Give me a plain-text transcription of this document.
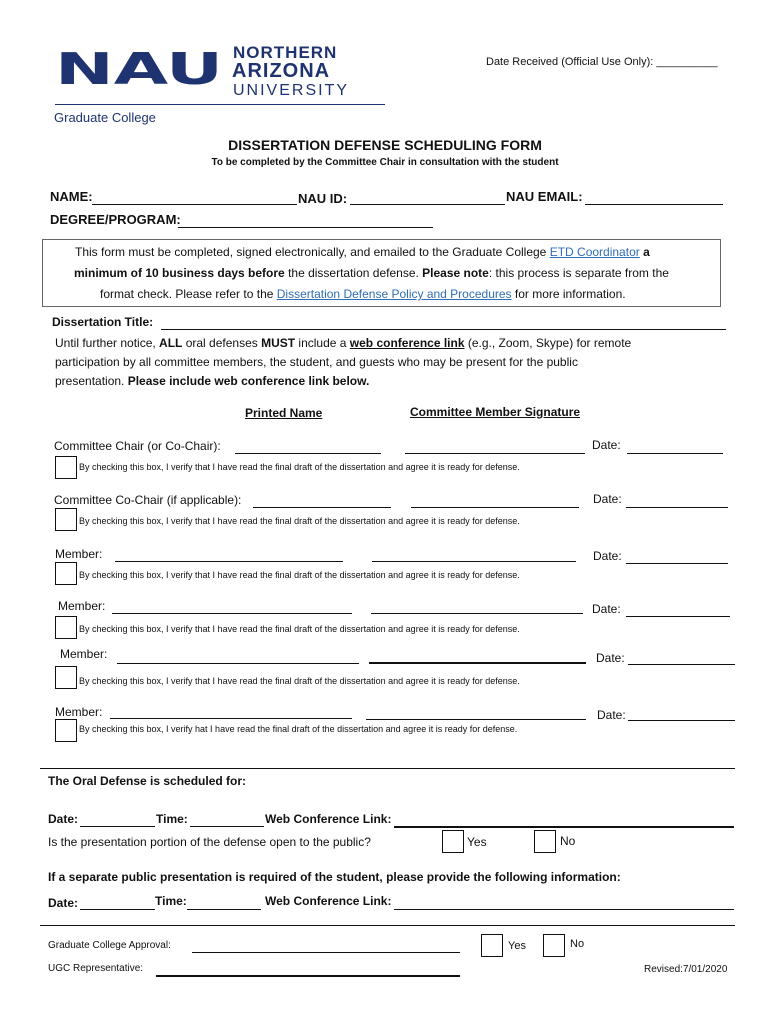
NAU NORTHERN
ARIZONA
UNIVERSITY
Graduate College
Date Received (Official Use Only): __________
DISSERTATION DEFENSE SCHEDULING FORM
To be completed by the Committee Chair in consultation with the student
NAME:	NAU ID:	NAU EMAIL:
DEGREE/PROGRAM:
This form must be completed, signed electronically, and emailed to the Graduate College ETD Coordinator a
minimum of 10 business days before the dissertation defense. Please note: this process is separate from the
format check. Please refer to the Dissertation Defense Policy and Procedures for more information.
Dissertation Title:
Until further notice, ALL oral defenses MUST include a web conference link (e.g., Zoom, Skype) for remote
participation by all committee members, the student, and guests who may be present for the public
presentation. Please include web conference link below.
Printed Name	Committee Member Signature
Committee Chair (or Co-Chair):	Date:
By checking this box, I verify that I have read the final draft of the dissertation and agree it is ready for defense.
Committee Co-Chair (if applicable):	Date:
By checking this box, I verify that I have read the final draft of the dissertation and agree it is ready for defense.
Member:	Date:
By checking this box, I verify that I have read the final draft of the dissertation and agree it is ready for defense.
Member:	Date:
By checking this box, I verify that I have read the final draft of the dissertation and agree it is ready for defense.
Member:	Date:
By checking this box, I verify that I have read the final draft of the dissertation and agree it is ready for defense.
Member:	Date:
By checking this box, I verify hat I have read the final draft of the dissertation and agree it is ready for defense.
The Oral Defense is scheduled for:
Date:	Time:	Web Conference Link:
Is the presentation portion of the defense open to the public?	Yes	No
If a separate public presentation is required of the student, please provide the following information:
Date:	Time:	Web Conference Link:
Graduate College Approval:	Yes	No
UGC Representative:	Revised:7/01/2020
